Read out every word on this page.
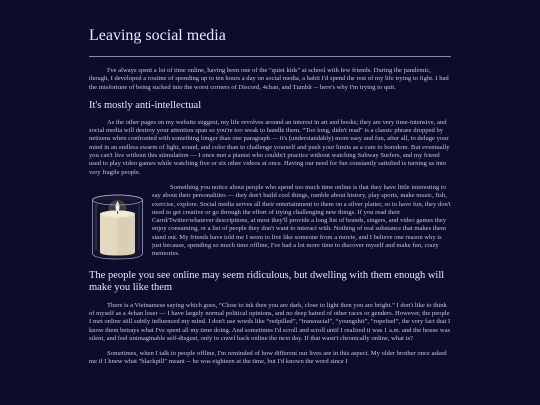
Leaving social media

I've always spent a lot of time online, having been one of the "quiet kids" at school with few friends. During the pandemic, though, I developed a routine of spending up to ten hours a day on social media, a habit I'd spend the rest of my life trying to fight. I had the misfortune of being sucked into the worst corners of Discord, 4chan, and Tumblr -- here's why I'm trying to quit.

It's mostly anti-intellectual

As the other pages on my website suggest, my life revolves around an interest in art and books; they are very time-intensive, and social media will destroy your attention span so you're too weak to handle them. “Too long, didn't read” is a classic phrase dropped by netizens when confronted with something longer than one paragraph — it's (understandably) more easy and fun, after all, to deluge your mind in an endless swarm of light, sound, and color than to challenge yourself and push your limits as a cure to boredom. But eventually you can't live without this stimulation — I once met a pianist who couldn't practice without watching Subway Surfers, and my friend used to play video games while watching five or six other videos at once. Having our need for fun constantly satisfied is turning us into very fragile people.

Something you notice about people who spend too much time online is that they have little interesting to say about their personalities — they don't build cool things, ramble about history, play sports, make music, fish, exercise, explore. Social media serves all their entertainment to them on a silver platter, so to have fun, they don't need to get creative or go through the effort of trying challenging new things. If you read their Carrd/Twitter/whatever descriptions, at most they'll provide a long list of brands, singers, and video games they enjoy consuming, or a list of people they don't want to interact with. Nothing of real substance that makes them stand out. My friends have told me I seem to live like someone from a movie, and I believe one reason why is just because, spending so much time offline, I've had a lot more time to discover myself and make fun, crazy memories.

The people you see online may seem ridiculous, but dwelling with them enough will make you like them

There is a Vietnamese saying which goes, “Close to ink then you are dark, close to light then you are bright.” I don't like to think of myself as a 4chan loser — I have largely normal political opinions, and no deep hatred of other races or genders. However, the people I met online still subtly influenced my mind. I don't use words like “redpilled”, “transracial”, “youngshit”, “ropefuel”, the very fact that I know them betrays what I've spent all my time doing. And sometimes I'd scroll and scroll until I realized it was 1 a.m. and the house was silent, and feel unimaginable self-disgust, only to crawl back online the next day. If that wasn't chronically online, what is?

Sometimes, when I talk to people offline, I'm reminded of how different our lives are in this aspect. My older brother once asked me if I knew what "blackpill" meant -- he was eighteen at the time, but I'd known the word since I
